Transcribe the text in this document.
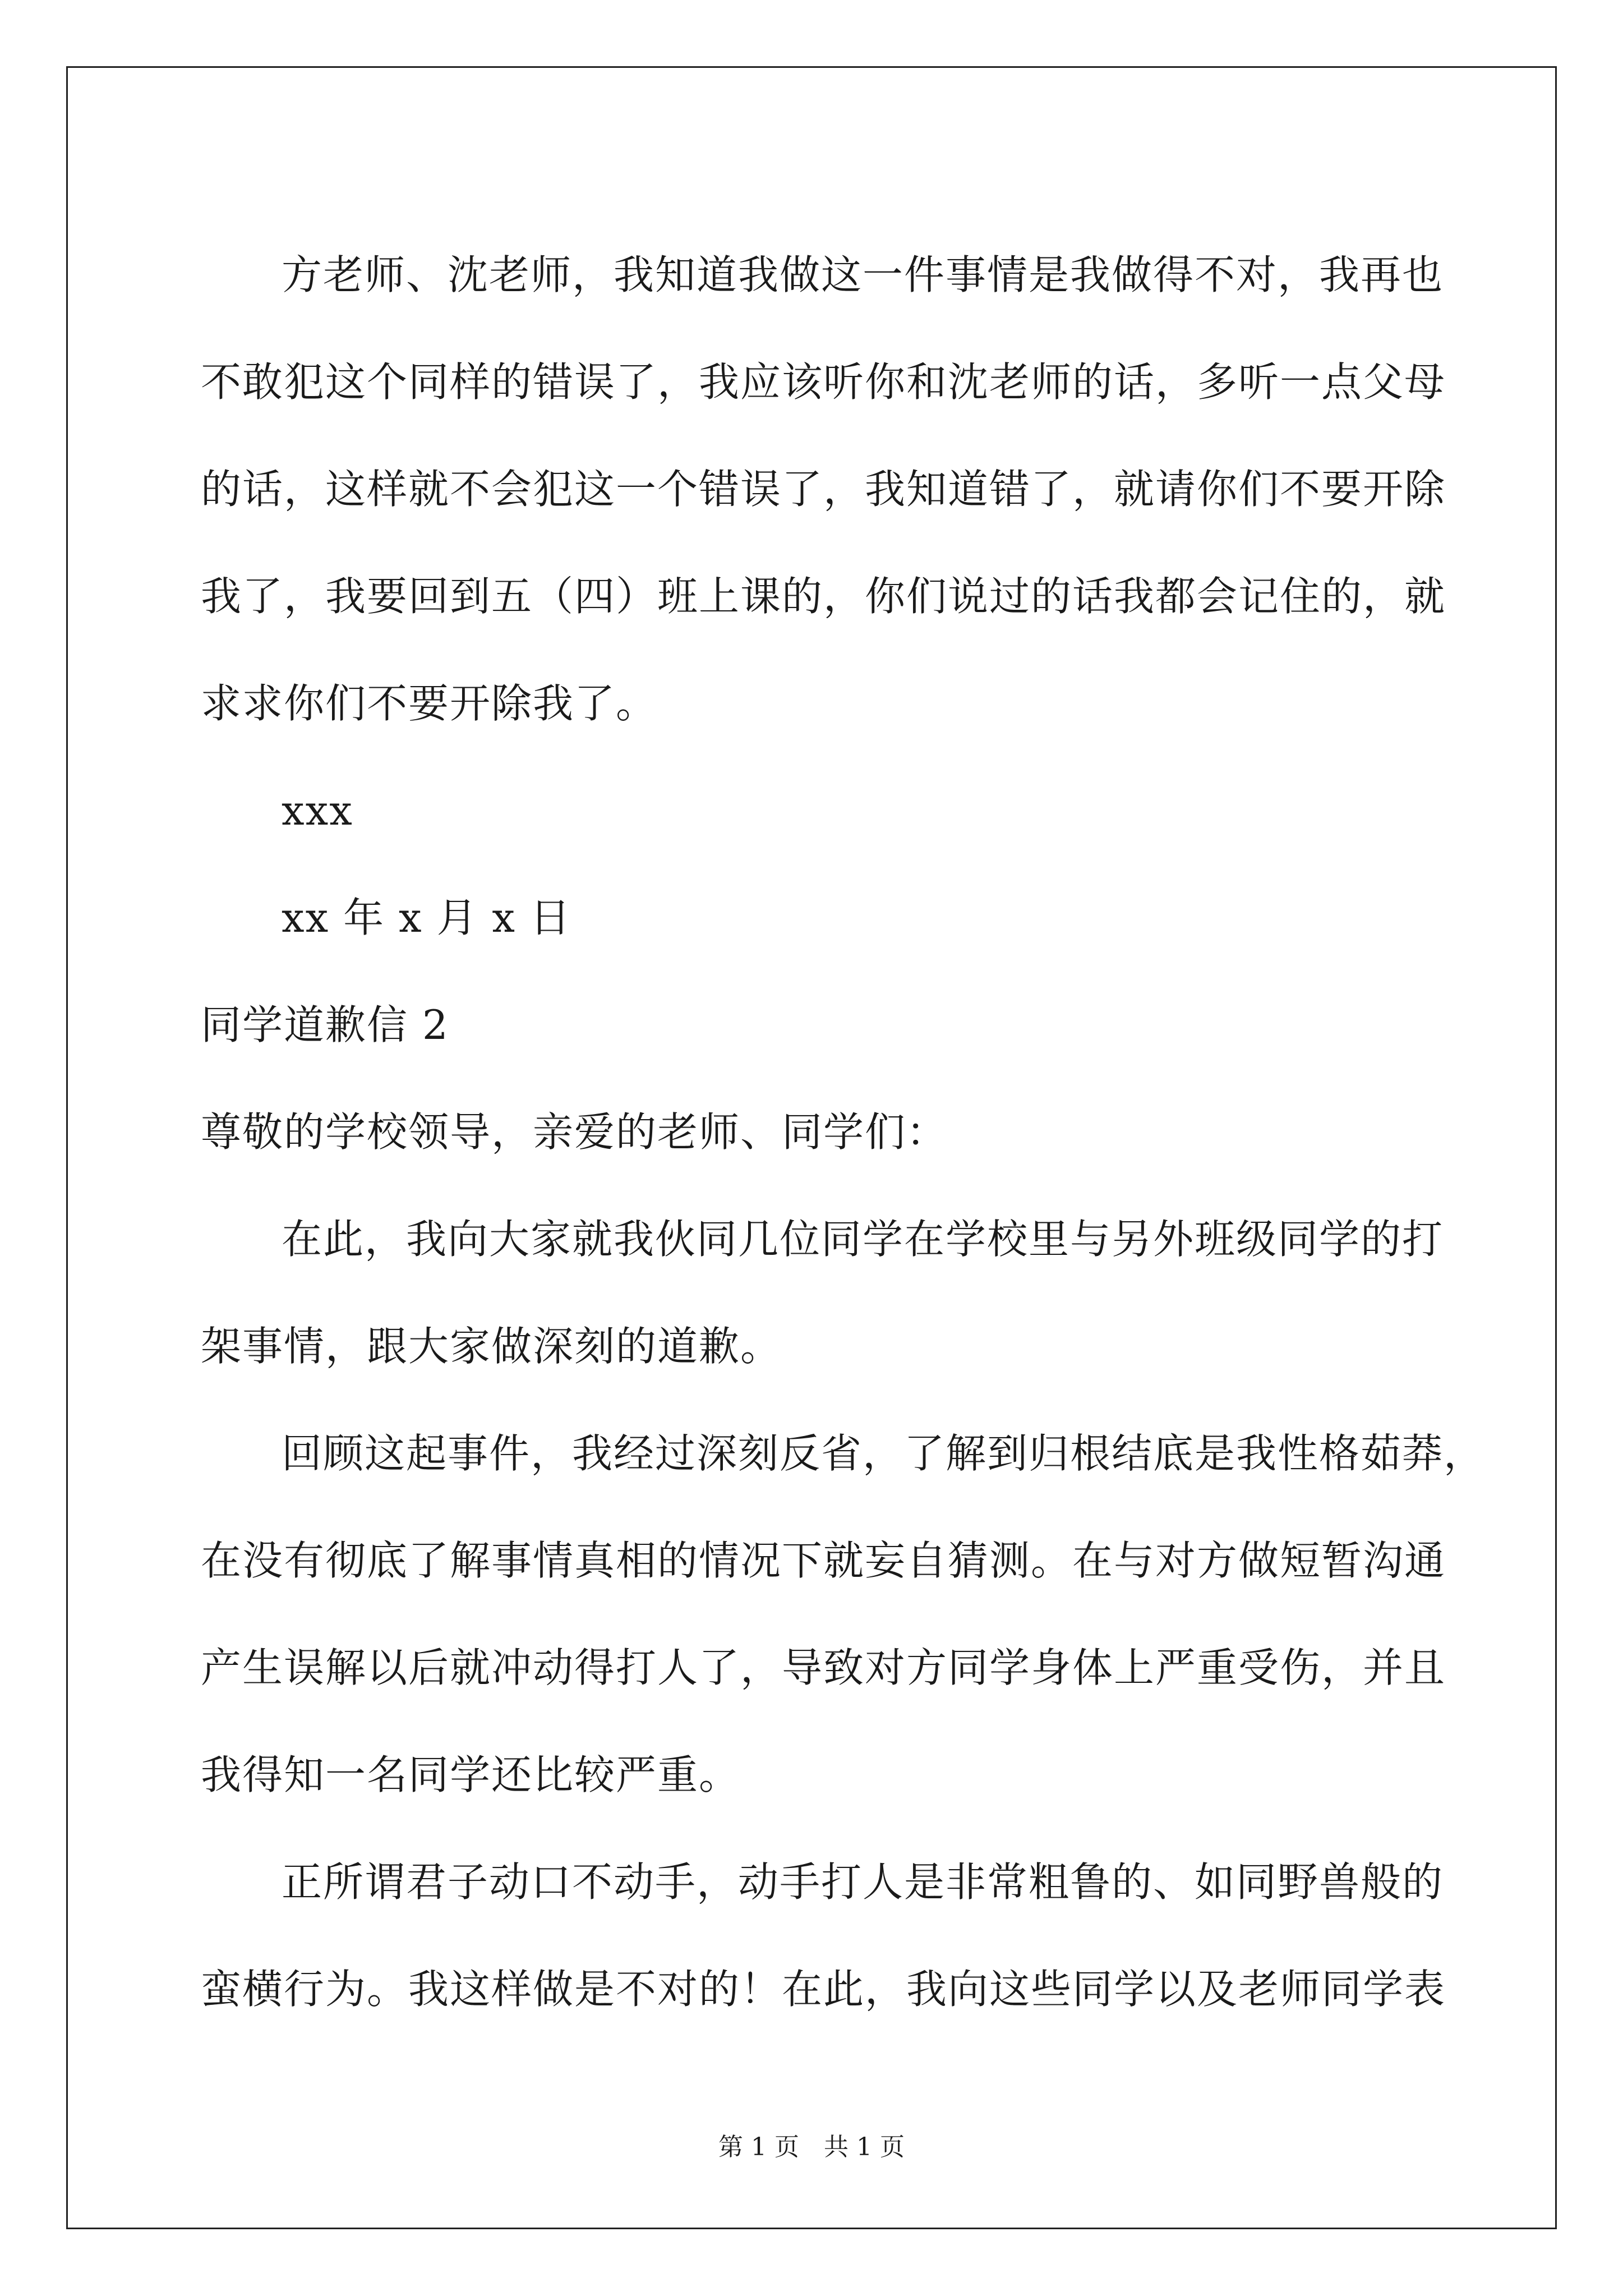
方老师、沈老师，我知道我做这一件事情是我做得不对，我再也
不敢犯这个同样的错误了，我应该听你和沈老师的话，多听一点父母
的话，这样就不会犯这一个错误了，我知道错了，就请你们不要开除
我了，我要回到五（四）班上课的，你们说过的话我都会记住的，就
求求你们不要开除我了。
xxx
xx 年 x 月 x 日
同学道歉信 2
尊敬的学校领导，亲爱的老师、同学们：
在此，我向大家就我伙同几位同学在学校里与另外班级同学的打
架事情，跟大家做深刻的道歉。
回顾这起事件，我经过深刻反省，了解到归根结底是我性格茹莽，
在没有彻底了解事情真相的情况下就妄自猜测。在与对方做短暂沟通
产生误解以后就冲动得打人了，导致对方同学身体上严重受伤，并且
我得知一名同学还比较严重。
正所谓君子动口不动手，动手打人是非常粗鲁的、如同野兽般的
蛮横行为。我这样做是不对的！在此，我向这些同学以及老师同学表
第 1 页 共 1 页
